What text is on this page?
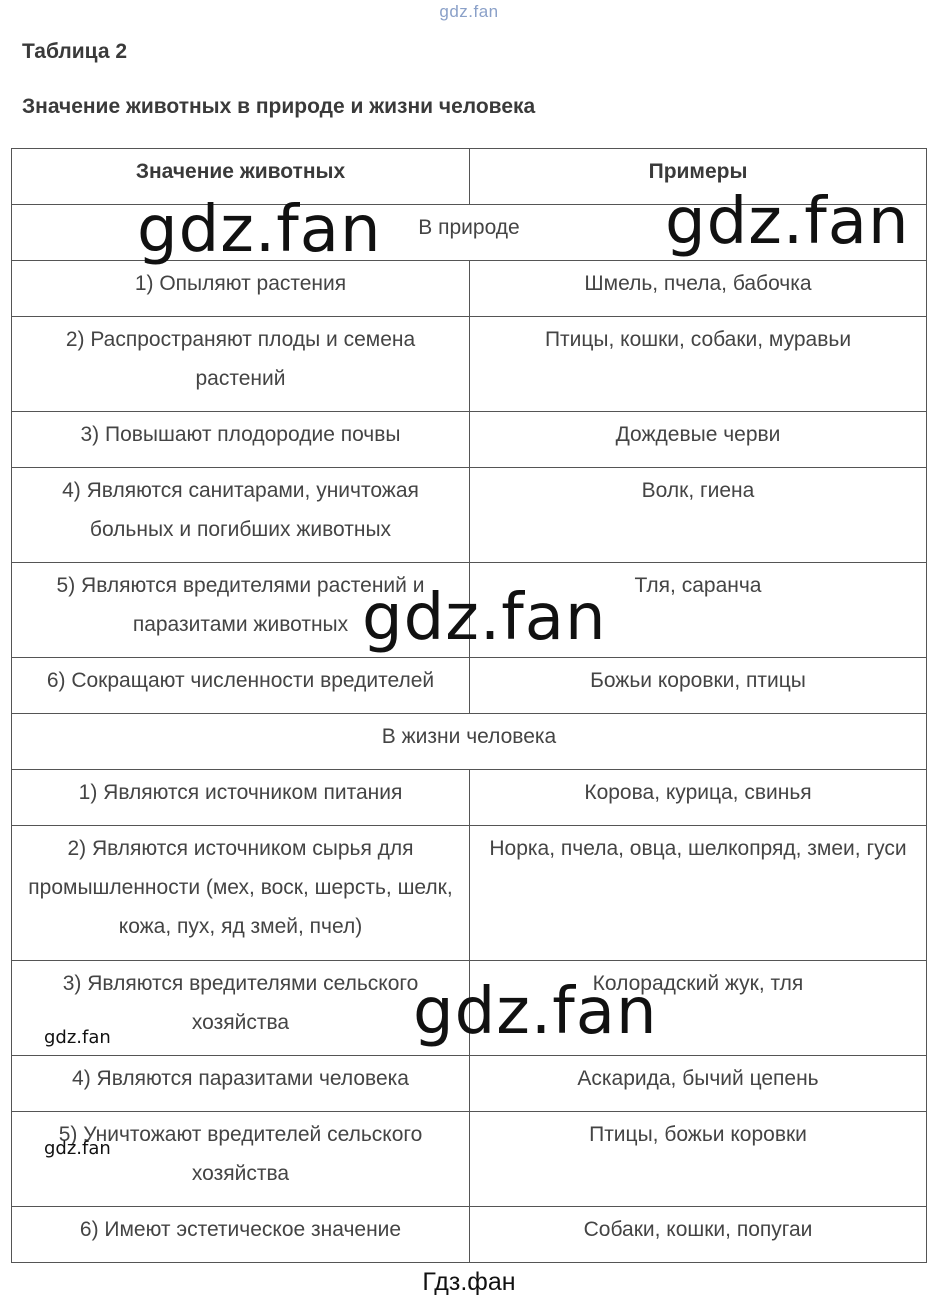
gdz.fan
Таблица 2
Значение животных в природе и жизни человека
Значение животных	Примеры
В природе	
1) Опыляют растения	Шмель, пчела, бабочка
2) Распространяют плоды и семена растений	Птицы, кошки, собаки, муравьи
3) Повышают плодородие почвы	Дождевые черви
4) Являются санитарами, уничтожая больных и погибших животных	Волк, гиена
5) Являются вредителями растений и паразитами животных	Тля, саранча
6) Сокращают численности вредителей	Божьи коровки, птицы
В жизни человека	
1) Являются источником питания	Корова, курица, свинья
2) Являются источником сырья для промышленности (мех, воск, шерсть, шелк, кожа, пух, яд змей, пчел)	Норка, пчела, овца, шелкопряд, змеи, гуси
3) Являются вредителями сельского хозяйства	Колорадский жук, тля
4) Являются паразитами человека	Аскарида, бычий цепень
5) Уничтожают вредителей сельского хозяйства	Птицы, божьи коровки
6) Имеют эстетическое значение	Собаки, кошки, попугаи
gdz.fan	gdz.fan
gdz.fan
gdz.fan
gdz.fan
gdz.fan
Гдз.фан
